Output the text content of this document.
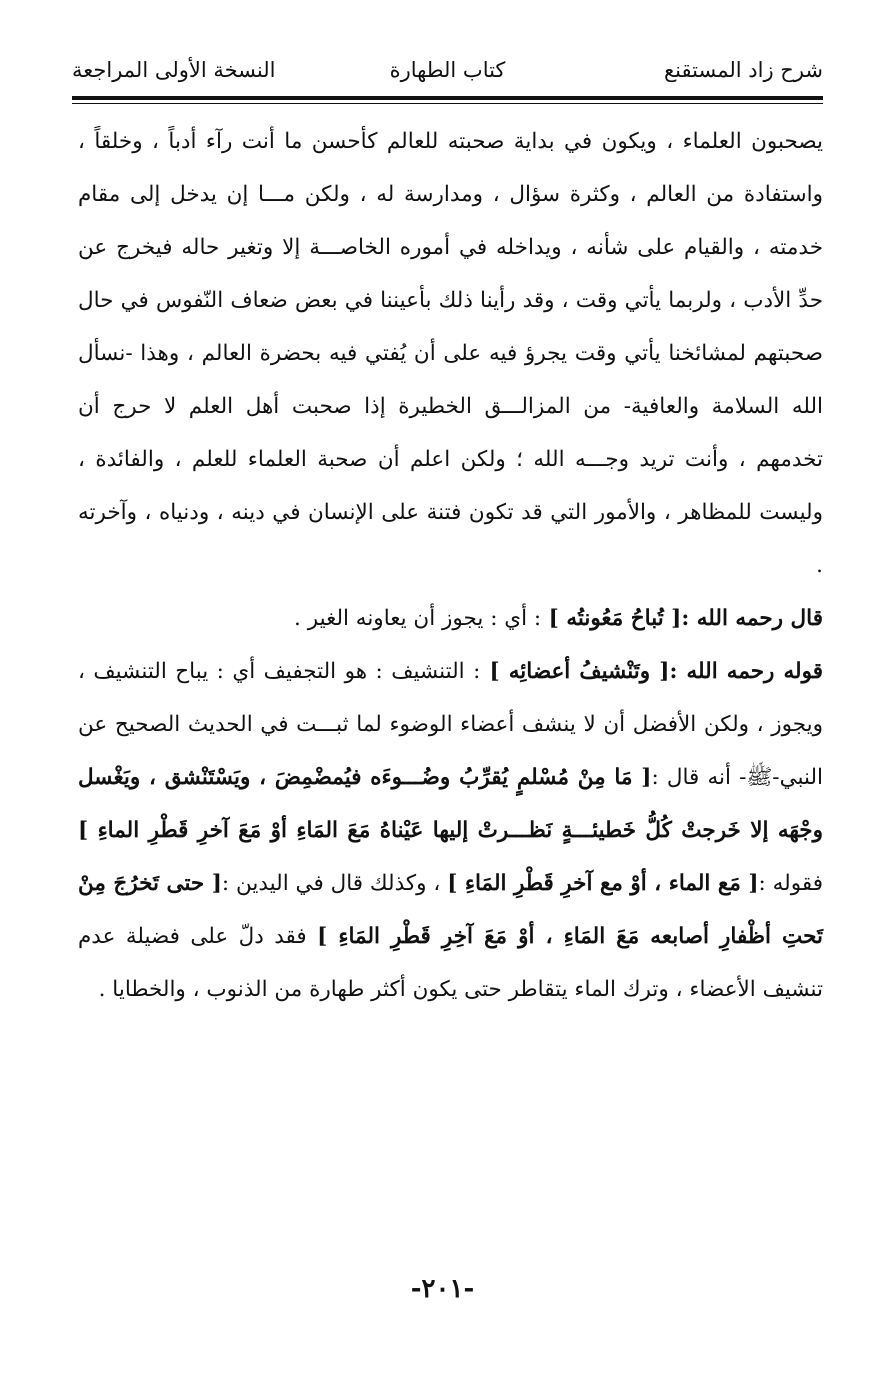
شرح زاد المستقنع
كتاب الطهارة
النسخة الأولى المراجعة

يصحبون العلماء ، ويكون في بداية صحبته للعالم كأحسن ما أنت رآء أدباً ، وخلقاً ، واستفادة من العالم ، وكثرة سؤال ، ومدارسة له ، ولكن مـــا إن يدخل إلى مقام خدمته ، والقيام على شأنه ، ويداخله في أموره الخاصـــة إلا وتغير حاله فيخرج عن حدِّ الأدب ، ولربما يأتي وقت ، وقد رأينا ذلك بأعيننا في بعض ضعاف النّفوس في حال صحبتهم لمشائخنا يأتي وقت يجرؤ فيه على أن يُفتي فيه بحضرة العالم ، وهذا -نسأل الله السلامة والعافية- من المزالـــق الخطيرة إذا صحبت أهل العلم لا حرج أن تخدمهم ، وأنت تريد وجـــه الله ؛ ولكن اعلم أن صحبة العلماء للعلم ، والفائدة ، وليست للمظاهر ، والأمور التي قد تكون فتنة على الإنسان في دينه ، ودنياه ، وآخرته .

قال رحمه الله :[ تُباحُ مَعُونتُه ] : أي : يجوز أن يعاونه الغير .

قوله رحمه الله :[ وتَنْشيفُ أعضائِه ] : التنشيف : هو التجفيف أي : يباح التنشيف ، ويجوز ، ولكن الأفضل أن لا ينشف أعضاء الوضوء لما ثبـــت في الحديث الصحيح عن النبي-ﷺ- أنه قال :[ مَا مِنْ مُسْلمٍ يُقرِّبُ وضُـــوءَه فيُمضْمِضَ ، ويَسْتَنْشق ، ويَغْسل وجْهَه إلا خَرجتْ كُلُّ خَطيئـــةٍ نَظـــرتْ إليها عَيْناهُ مَعَ المَاءِ أوْ مَعَ آخرِ قَطْرِ الماءِ ] فقوله :[ مَع الماء ، أوْ مع آخرِ قَطْرِ المَاءِ ] ، وكذلك قال في اليدين :[ حتى تَخرُجَ مِنْ تَحتِ أظْفارِ أصابعه مَعَ المَاءِ ، أوْ مَعَ آخِرِ قَطْرِ المَاءِ ] فقد دلّ على فضيلة عدم تنشيف الأعضاء ، وترك الماء يتقاطر حتى يكون أكثر طهارة من الذنوب ، والخطايا .

-٢٠١-
